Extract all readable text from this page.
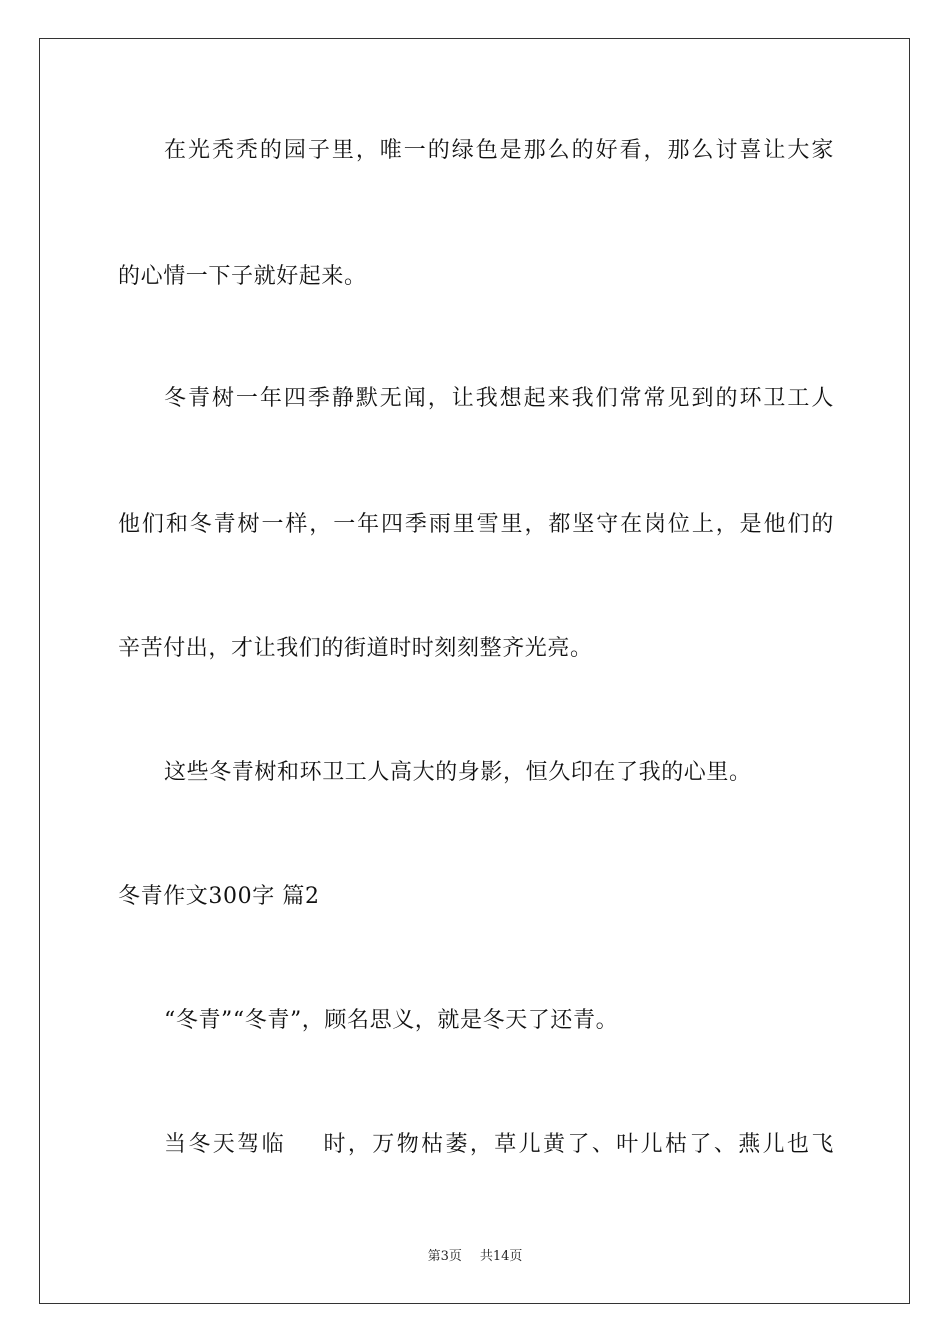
在光秃秃的园子里，唯一的绿色是那么的好看，那么讨喜让大家
的心情一下子就好起来。
冬青树一年四季静默无闻，让我想起来我们常常见到的环卫工人
他们和冬青树一样，一年四季雨里雪里，都坚守在岗位上，是他们的
辛苦付出，才让我们的街道时时刻刻整齐光亮。
这些冬青树和环卫工人高大的身影，恒久印在了我的心里。
冬青作文300字 篇2
“冬青”“冬青”，顾名思义，就是冬天了还青。
当冬天驾临    时，万物枯萎，草儿黄了、叶儿枯了、燕儿也飞
第3页 共14页
